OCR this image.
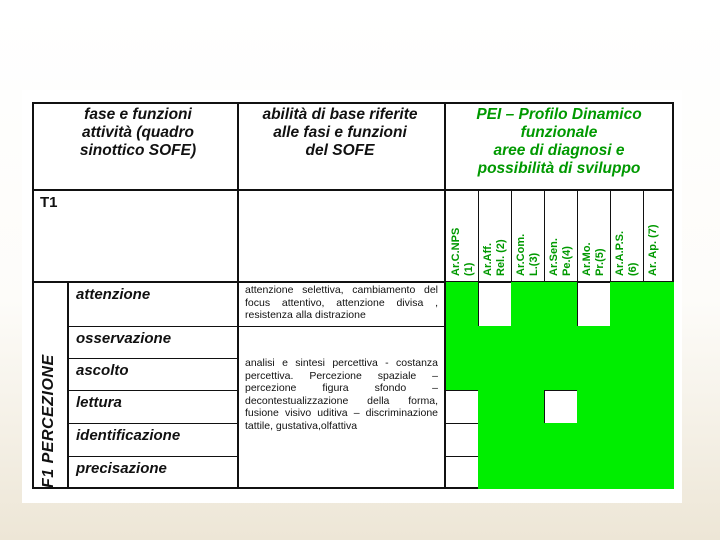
fase e funzioni
attività (quadro
sinottico SOFE)
abilità di base riferite
alle fasi e funzioni
del SOFE
PEI – Profilo Dinamico
funzionale
aree di diagnosi e
possibilità di sviluppo
T1
Ar.C.NPS (1) Ar.Aff. Rel. (2) Ar.Com. L.(3) Ar.Sen. Pe.(4) Ar.Mo. Pr.(5) Ar.A.P.S. (6) Ar. Ap. (7)
attenzione
osservazione
ascolto
lettura
identificazione
precisazione
F1 PERCEZIONE
attenzione selettiva, cambiamento del focus attentivo, attenzione divisa , resistenza alla distrazione
analisi e sintesi percettiva - costanza percettiva. Percezione spaziale – percezione figura sfondo – decontestualizzazione della forma, fusione visivo uditiva – discriminazione tattile, gustativa,olfattiva
